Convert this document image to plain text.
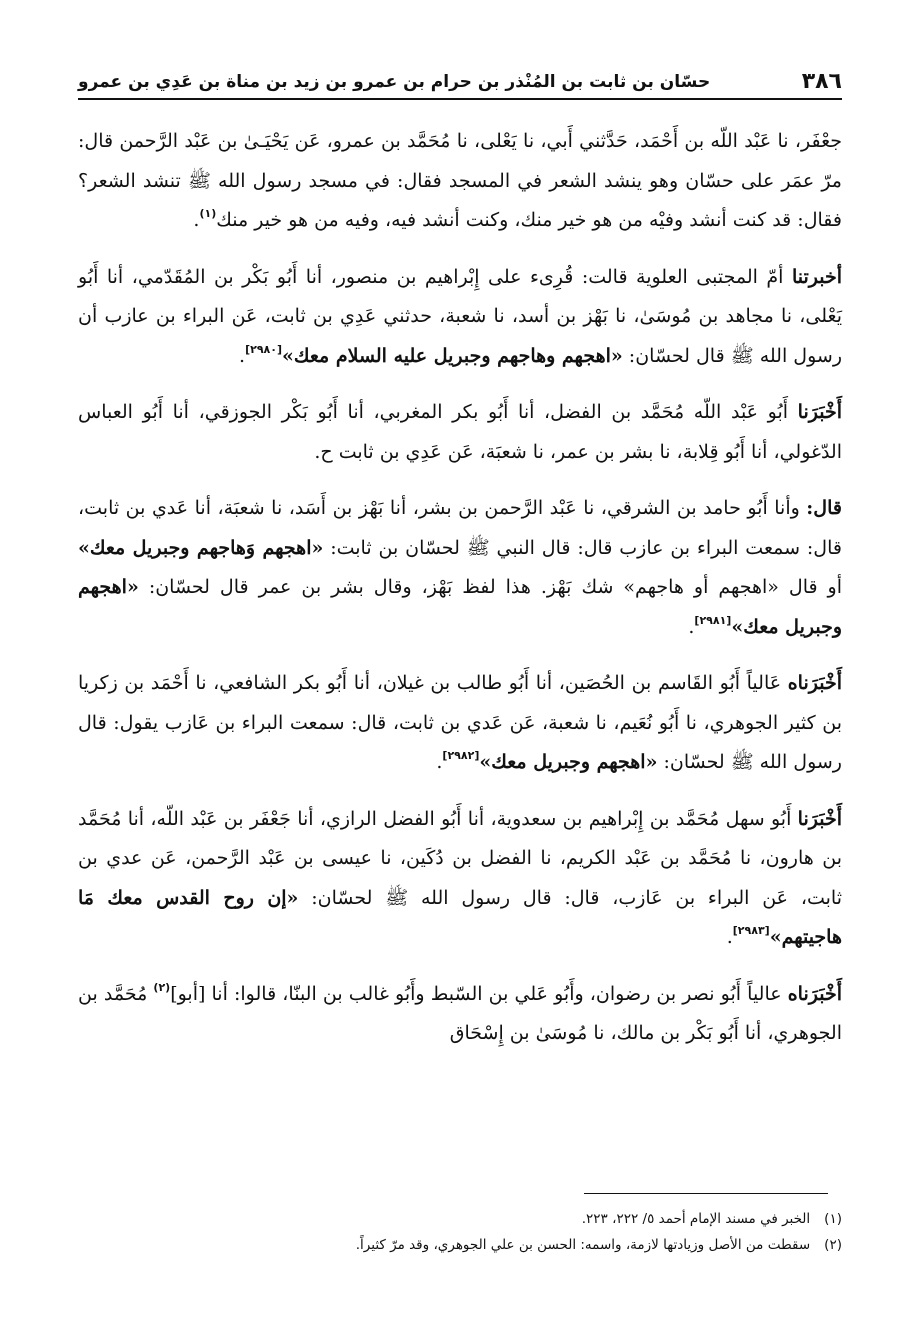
٣٨٦
حسّان بن ثابت بن المُنْذر بن حرام بن عمرو بن زيد بن مناة بن عَدِي بن عمرو

جعْفَر، نا عَبْد اللّه بن أَحْمَد، حَدَّثني أَبي، نا يَعْلى، نا مُحَمَّد بن عمرو، عَن يَحْيَـىٰ بن عَبْد الرَّحمن قال: مرّ عمَر على حسّان وهو ينشد الشعر في المسجد فقال: في مسجد رسول الله ﷺ تنشد الشعر؟ فقال: قد كنت أنشد وفيْه من هو خير منك، وكنت أنشد فيه، وفيه من هو خير منك$^{(١)}$.

أخبرتنا أمّ المجتبى العلوية قالت: قُرِىء على إِبْراهيم بن منصور، أنا أَبُو بَكْر بن المُقَدّمي، أنا أَبُو يَعْلى، نا مجاهد بن مُوسَىٰ، نا بَهْز بن أسد، نا شعبة، حدثني عَدِي بن ثابت، عَن البراء بن عازب أن رسول الله ﷺ قال لحسّان: «اهجهم وهاجهم وجبريل عليه السلام معك»[٢٩٨٠].

أَخْبَرَنا أَبُو عَبْد اللّه مُحَمَّد بن الفضل، أنا أَبُو بكر المغربي، أنا أَبُو بَكْر الجوزقي، أنا أَبُو العباس الدّغولي، أنا أَبُو قِلابة، نا بشر بن عمر، نا شعبَة، عَن عَدِي بن ثابت ح.

قال: وأنا أَبُو حامد بن الشرقي، نا عَبْد الرَّحمن بن بشر، أنا بَهْز بن أَسَد، نا شعبَة، أنا عَدي بن ثابت، قال: سمعت البراء بن عازب قال: قال النبي ﷺ لحسّان بن ثابت: «اهجهم وَهاجهم وجبريل معك» أو قال «اهجهم أو هاجهم» شك بَهْز. هذا لفظ بَهْز، وقال بشر بن عمر قال لحسّان: «اهجهم وجبريل معك»[٢٩٨١].

أَخْبَرَناه عَالياً أَبُو القَاسم بن الحُصَين، أنا أَبُو طالب بن غيلان، أنا أَبُو بكر الشافعي، نا أَحْمَد بن زكريا بن كثير الجوهري، نا أَبُو نُعَيم، نا شعبة، عَن عَدي بن ثابت، قال: سمعت البراء بن عَازب يقول: قال رسول الله ﷺ لحسّان: «اهجهم وجبريل معك»[٢٩٨٢].

أَخْبَرَنا أَبُو سهل مُحَمَّد بن إِبْراهيم بن سعدوية، أنا أَبُو الفضل الرازي، أنا جَعْفَر بن عَبْد اللّه، أنا مُحَمَّد بن هارون، نا مُحَمَّد بن عَبْد الكريم، نا الفضل بن دُكَين، نا عيسى بن عَبْد الرَّحمن، عَن عدي بن ثابت، عَن البراء بن عَازب، قال: قال رسول الله ﷺ لحسّان: «إن روح القدس معك مَا هاجيتهم»[٢٩٨٣].

أَخْبَرَناه عالياً أَبُو نصر بن رضوان، وأَبُو عَلي بن السّبط وأَبُو غالب بن البنّا، قالوا: أنا [أبو]$^{(٢)}$ مُحَمَّد بن الجوهري، أنا أَبُو بَكْر بن مالك، نا مُوسَىٰ بن إِسْحَاق

(١)الخبر في مسند الإمام أحمد ٥/ ٢٢٢، ٢٢٣.
(٢)سقطت من الأصل وزيادتها لازمة، واسمه: الحسن بن علي الجوهري، وقد مرّ كثيراً.
